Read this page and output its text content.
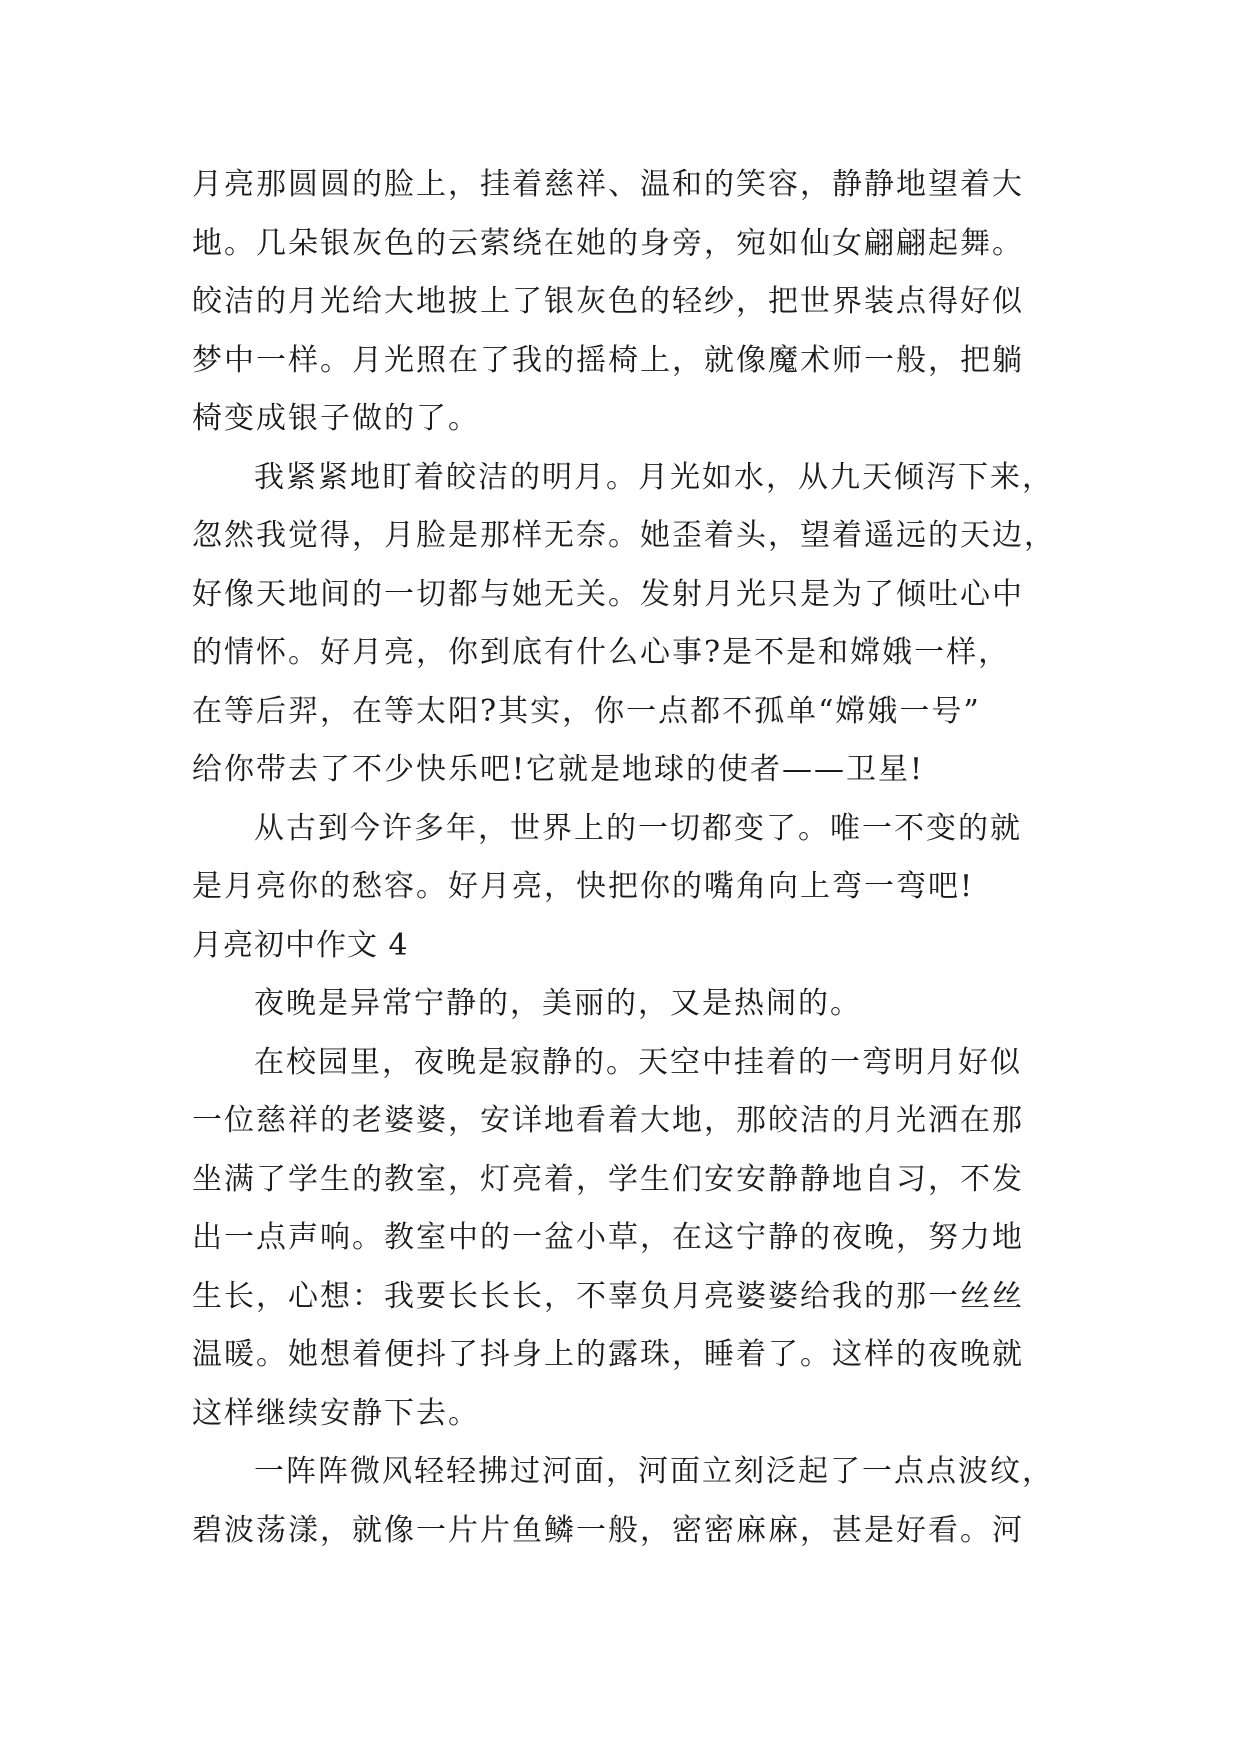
月亮那圆圆的脸上，挂着慈祥、温和的笑容，静静地望着大
地。几朵银灰色的云萦绕在她的身旁，宛如仙女翩翩起舞。
皎洁的月光给大地披上了银灰色的轻纱，把世界装点得好似
梦中一样。月光照在了我的摇椅上，就像魔术师一般，把躺
椅变成银子做的了。
我紧紧地盯着皎洁的明月。月光如水，从九天倾泻下来，
忽然我觉得，月脸是那样无奈。她歪着头，望着遥远的天边，
好像天地间的一切都与她无关。发射月光只是为了倾吐心中
的情怀。好月亮，你到底有什么心事?是不是和嫦娥一样，
在等后羿，在等太阳?其实，你一点都不孤单“嫦娥一号”
给你带去了不少快乐吧!它就是地球的使者——卫星!
从古到今许多年，世界上的一切都变了。唯一不变的就
是月亮你的愁容。好月亮，快把你的嘴角向上弯一弯吧!
月亮初中作文 4
夜晚是异常宁静的，美丽的，又是热闹的。
在校园里，夜晚是寂静的。天空中挂着的一弯明月好似
一位慈祥的老婆婆，安详地看着大地，那皎洁的月光洒在那
坐满了学生的教室，灯亮着，学生们安安静静地自习，不发
出一点声响。教室中的一盆小草，在这宁静的夜晚，努力地
生长，心想：我要长长长，不辜负月亮婆婆给我的那一丝丝
温暖。她想着便抖了抖身上的露珠，睡着了。这样的夜晚就
这样继续安静下去。
一阵阵微风轻轻拂过河面，河面立刻泛起了一点点波纹，
碧波荡漾，就像一片片鱼鳞一般，密密麻麻，甚是好看。河
